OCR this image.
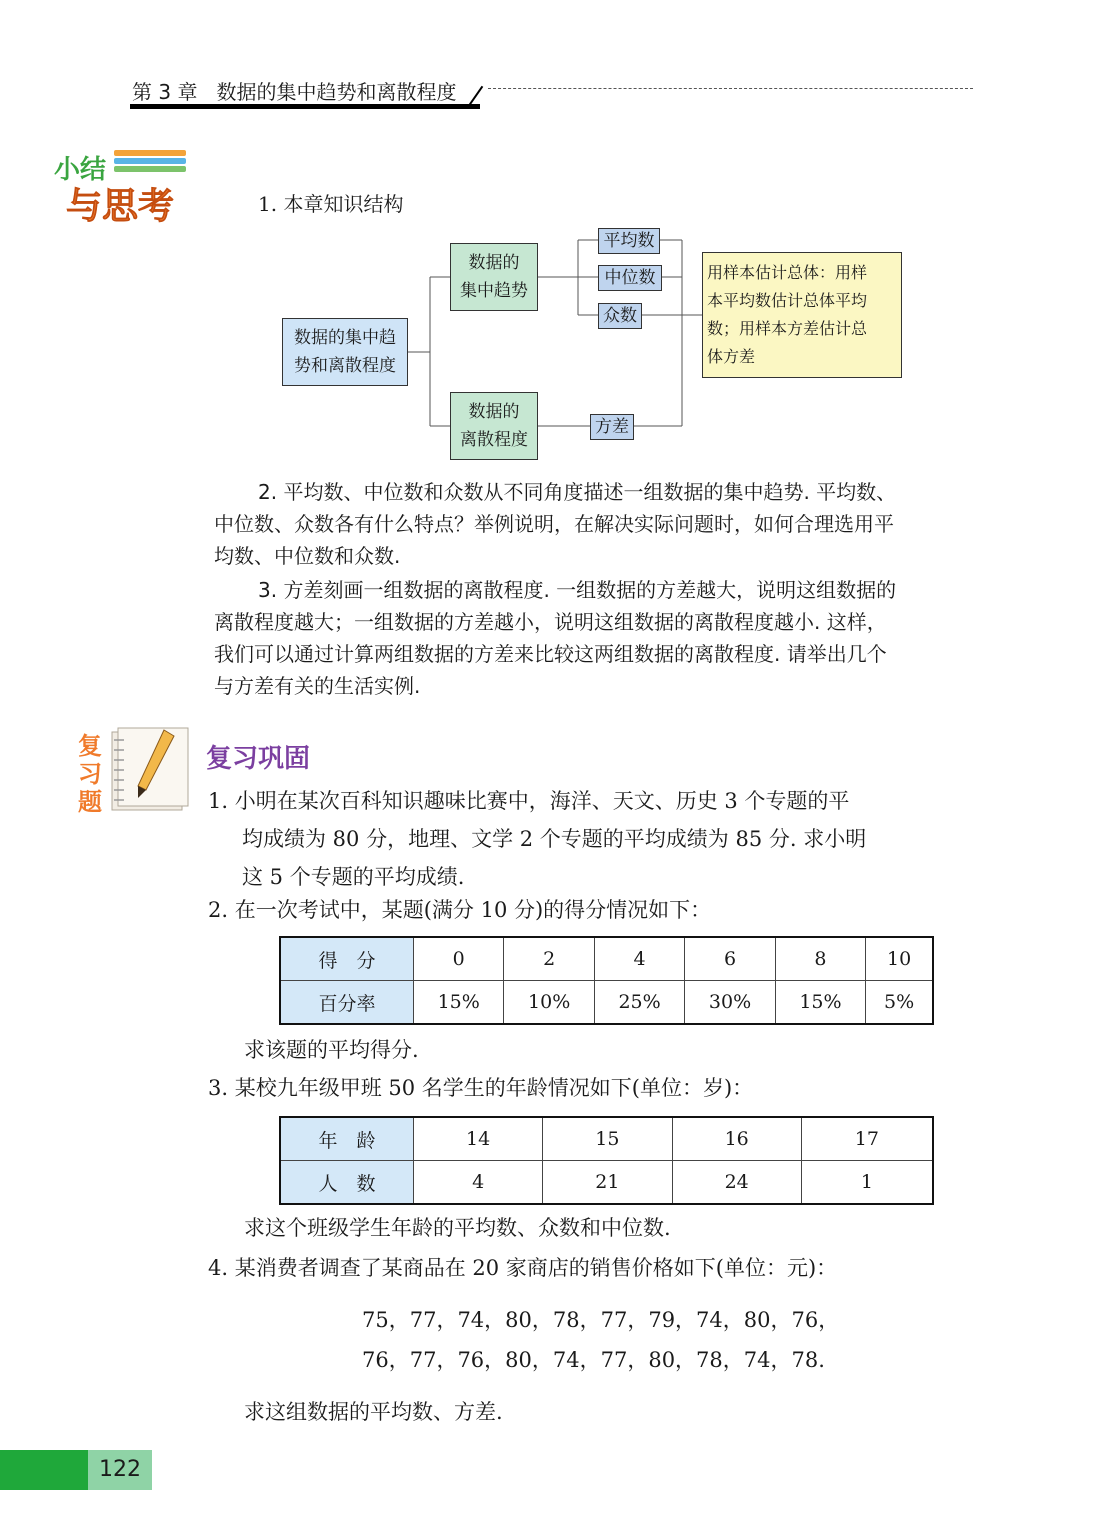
第 3 章   数据的集中趋势和离散程度
小结
与思考	1. 本章知识结构
数据的集中趋
势和离散程度
数据的
集中趋势
数据的
离散程度
平均数
中位数
众数
方差
用样本估计总体：用样
本平均数估计总体平均
数；用样本方差估计总
体方差

2. 平均数、中位数和众数从不同角度描述一组数据的集中趋势. 平均数、
中位数、众数各有什么特点？举例说明，在解决实际问题时，如何合理选用平
均数、中位数和众数.

3. 方差刻画一组数据的离散程度. 一组数据的方差越大，说明这组数据的
离散程度越大；一组数据的方差越小，说明这组数据的离散程度越小. 这样，
我们可以通过计算两组数据的方差来比较这两组数据的离散程度. 请举出几个
与方差有关的生活实例.

复
习
题
复习巩固
1. 小明在某次百科知识趣味比赛中，海洋、天文、历史 3 个专题的平
均成绩为 80 分，地理、文学 2 个专题的平均成绩为 85 分. 求小明
这 5 个专题的平均成绩.
2. 在一次考试中，某题(满分 10 分)的得分情况如下：
得　分	0	2	4	6	8	10
百分率	15%	10%	25%	30%	15%	5%
求该题的平均得分.
3. 某校九年级甲班 50 名学生的年龄情况如下(单位：岁)：
年　龄	14	15	16	17
人　数	4	21	24	1
求这个班级学生年龄的平均数、众数和中位数.
4. 某消费者调查了某商品在 20 家商店的销售价格如下(单位：元)：
75，77，74，80，78，77，79，74，80，76，
76，77，76，80，74，77，80，78，74，78.
求这组数据的平均数、方差.
122
